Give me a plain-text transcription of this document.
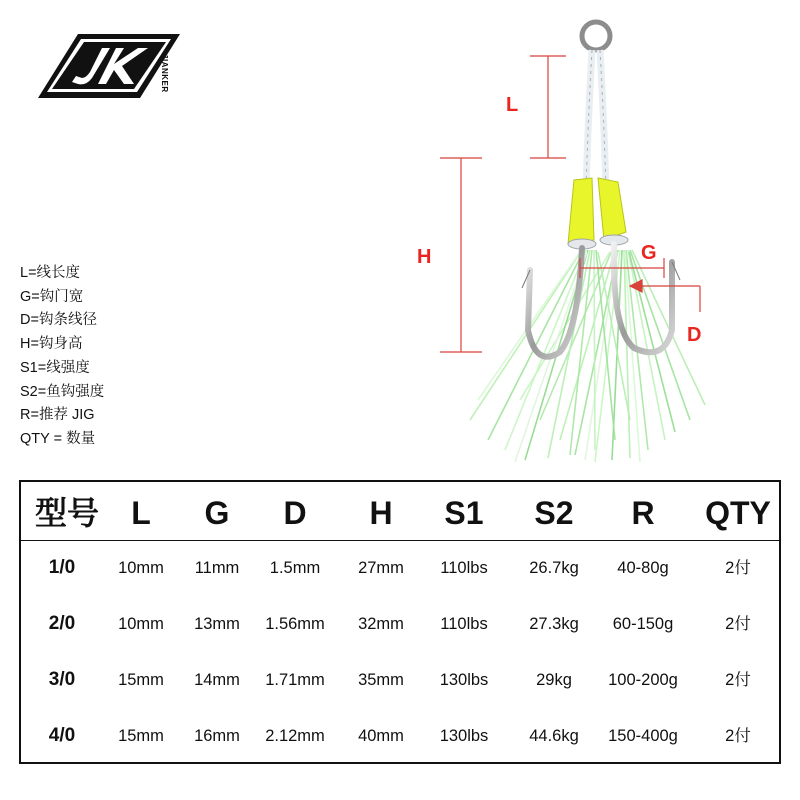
JIANKER
L=线长度
G=钩门宽
D=钩条线径
H=钩身高
S1=线强度
S2=鱼钩强度
R=推荐 JIG
QTY = 数量
L
H	G
D
型号	L	G	D	H	S1	S2	R	QTY
1/0	10mm	11mm	1.5mm	27mm	110lbs	26.7kg	40-80g	2付
2/0	10mm	13mm	1.56mm	32mm	110lbs	27.3kg	60-150g	2付
3/0	15mm	14mm	1.71mm	35mm	130lbs	29kg	100-200g	2付
4/0	15mm	16mm	2.12mm	40mm	130lbs	44.6kg	150-400g	2付
